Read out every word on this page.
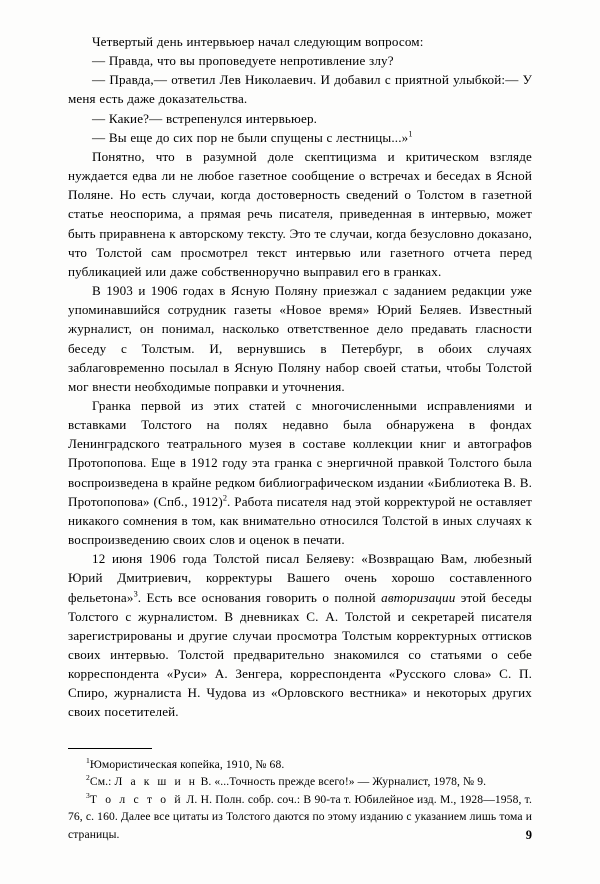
Четвертый день интервьюер начал следующим вопросом:

— Правда, что вы проповедуете непротивление злу?

— Правда,— ответил Лев Николаевич. И добавил с приятной улыбкой:— У меня есть даже доказательства.

— Какие?— встрепенулся интервьюер.

— Вы еще до сих пор не были спущены с лестницы...»$^1$

Понятно, что в разумной доле скептицизма и критическом взгляде нуждается едва ли не любое газетное сообщение о встречах и беседах в Ясной Поляне. Но есть случаи, когда достоверность сведений о Толстом в газетной статье неоспорима, а прямая речь писателя, приведенная в интервью, может быть приравнена к авторскому тексту. Это те случаи, когда безусловно доказано, что Толстой сам просмотрел текст интервью или газетного отчета перед публикацией или даже собственноручно выправил его в гранках.

В 1903 и 1906 годах в Ясную Поляну приезжал с заданием редакции уже упоминавшийся сотрудник газеты «Новое время» Юрий Беляев. Известный журналист, он понимал, насколько ответственное дело предавать гласности беседу с Толстым. И, вернувшись в Петербург, в обоих случаях заблаговременно посылал в Ясную Поляну набор своей статьи, чтобы Толстой мог внести необходимые поправки и уточнения.

Гранка первой из этих статей с многочисленными исправлениями и вставками Толстого на полях недавно была обнаружена в фондах Ленинградского театрального музея в составе коллекции книг и автографов Протопопова. Еще в 1912 году эта гранка с энергичной правкой Толстого была воспроизведена в крайне редком библиографическом издании «Библиотека В. В. Протопопова» (Спб., 1912)$^2$. Работа писателя над этой корректурой не оставляет никакого сомнения в том, как внимательно относился Толстой в иных случаях к воспроизведению своих слов и оценок в печати.

12 июня 1906 года Толстой писал Беляеву: «Возвращаю Вам, любезный Юрий Дмитриевич, корректуры Вашего очень хорошо составленного фельетона»$^3$. Есть все основания говорить о полной авторизации этой беседы Толстого с журналистом. В дневниках С. А. Толстой и секретарей писателя зарегистрированы и другие случаи просмотра Толстым корректурных оттисков своих интервью. Толстой предварительно знакомился со статьями о себе корреспондента «Руси» А. Зенгера, корреспондента «Русского слова» С. П. Спиро, журналиста Н. Чудова из «Орловского вестника» и некоторых других своих посетителей.

$^1$Юмористическая копейка, 1910, № 68.

$^2$См.: Л а к ш и н В. «...Точность прежде всего!» — Журналист, 1978, № 9.

$^3$Т о л с т о й Л. Н. Полн. собр. соч.: В 90-та т. Юбилейное изд. М., 1928—1958, т. 76, с. 160. Далее все цитаты из Толстого даются по этому изданию с указанием лишь тома и страницы.	9
